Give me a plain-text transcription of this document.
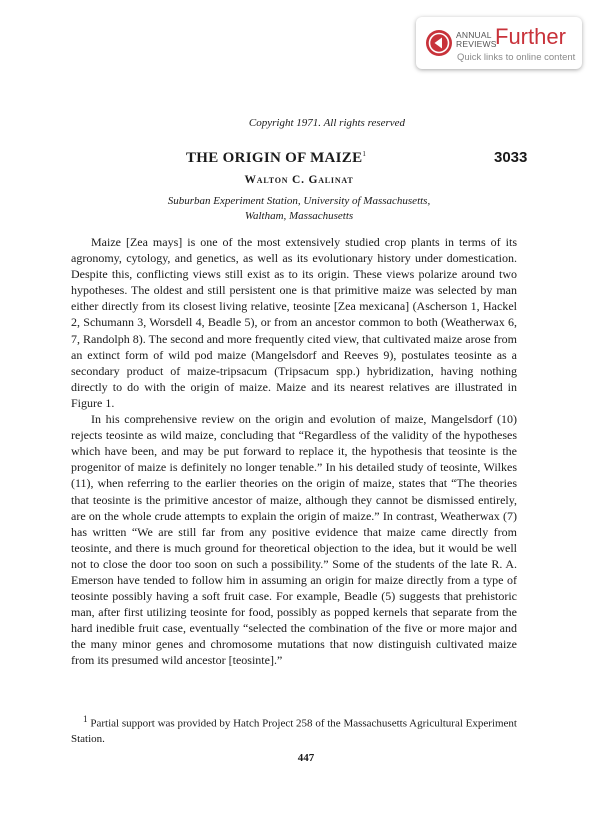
ANNUAL
REVIEWS
Further
Quick links to online content
Copyright 1971. All rights reserved
THE ORIGIN OF MAIZE$^1$	3033
Walton C. Galinat
Suburban Experiment Station, University of Massachusetts,
Waltham, Massachusetts

Maize [Zea mays] is one of the most extensively studied crop plants in terms of its agronomy, cytology, and genetics, as well as its evolutionary history under domestication. Despite this, conflicting views still exist as to its origin. These views polarize around two hypotheses. The oldest and still persistent one is that primitive maize was selected by man either directly from its closest living relative, teosinte [Zea mexicana] (Ascherson 1, Hackel 2, Schumann 3, Worsdell 4, Beadle 5), or from an ancestor common to both (Weatherwax 6, 7, Randolph 8). The second and more frequently cited view, that cultivated maize arose from an extinct form of wild pod maize (Mangelsdorf and Reeves 9), postulates teosinte as a secondary product of maize-tripsacum (Tripsacum spp.) hybridization, having nothing directly to do with the origin of maize. Maize and its nearest relatives are illustrated in Figure 1.

In his comprehensive review on the origin and evolution of maize, Mangelsdorf (10) rejects teosinte as wild maize, concluding that “Regardless of the validity of the hypotheses which have been, and may be put forward to replace it, the hypothesis that teosinte is the progenitor of maize is definitely no longer tenable.” In his detailed study of teosinte, Wilkes (11), when referring to the earlier theories on the origin of maize, states that “The theories that teosinte is the primitive ancestor of maize, although they cannot be dismissed entirely, are on the whole crude attempts to explain the origin of maize.” In contrast, Weatherwax (7) has written “We are still far from any positive evidence that maize came directly from teosinte, and there is much ground for theoretical objection to the idea, but it would be well not to close the door too soon on such a possibility.” Some of the students of the late R. A. Emerson have tended to follow him in assuming an origin for maize directly from a type of teosinte possibly having a soft fruit case. For example, Beadle (5) suggests that prehistoric man, after first utilizing teosinte for food, possibly as popped kernels that separate from the hard inedible fruit case, eventually “selected the combination of the five or more major and the many minor genes and chromosome mutations that now distinguish cultivated maize from its presumed wild ancestor [teosinte].”

$^1$ Partial support was provided by Hatch Project 258 of the Massachusetts Agricultural Experiment Station.

447
